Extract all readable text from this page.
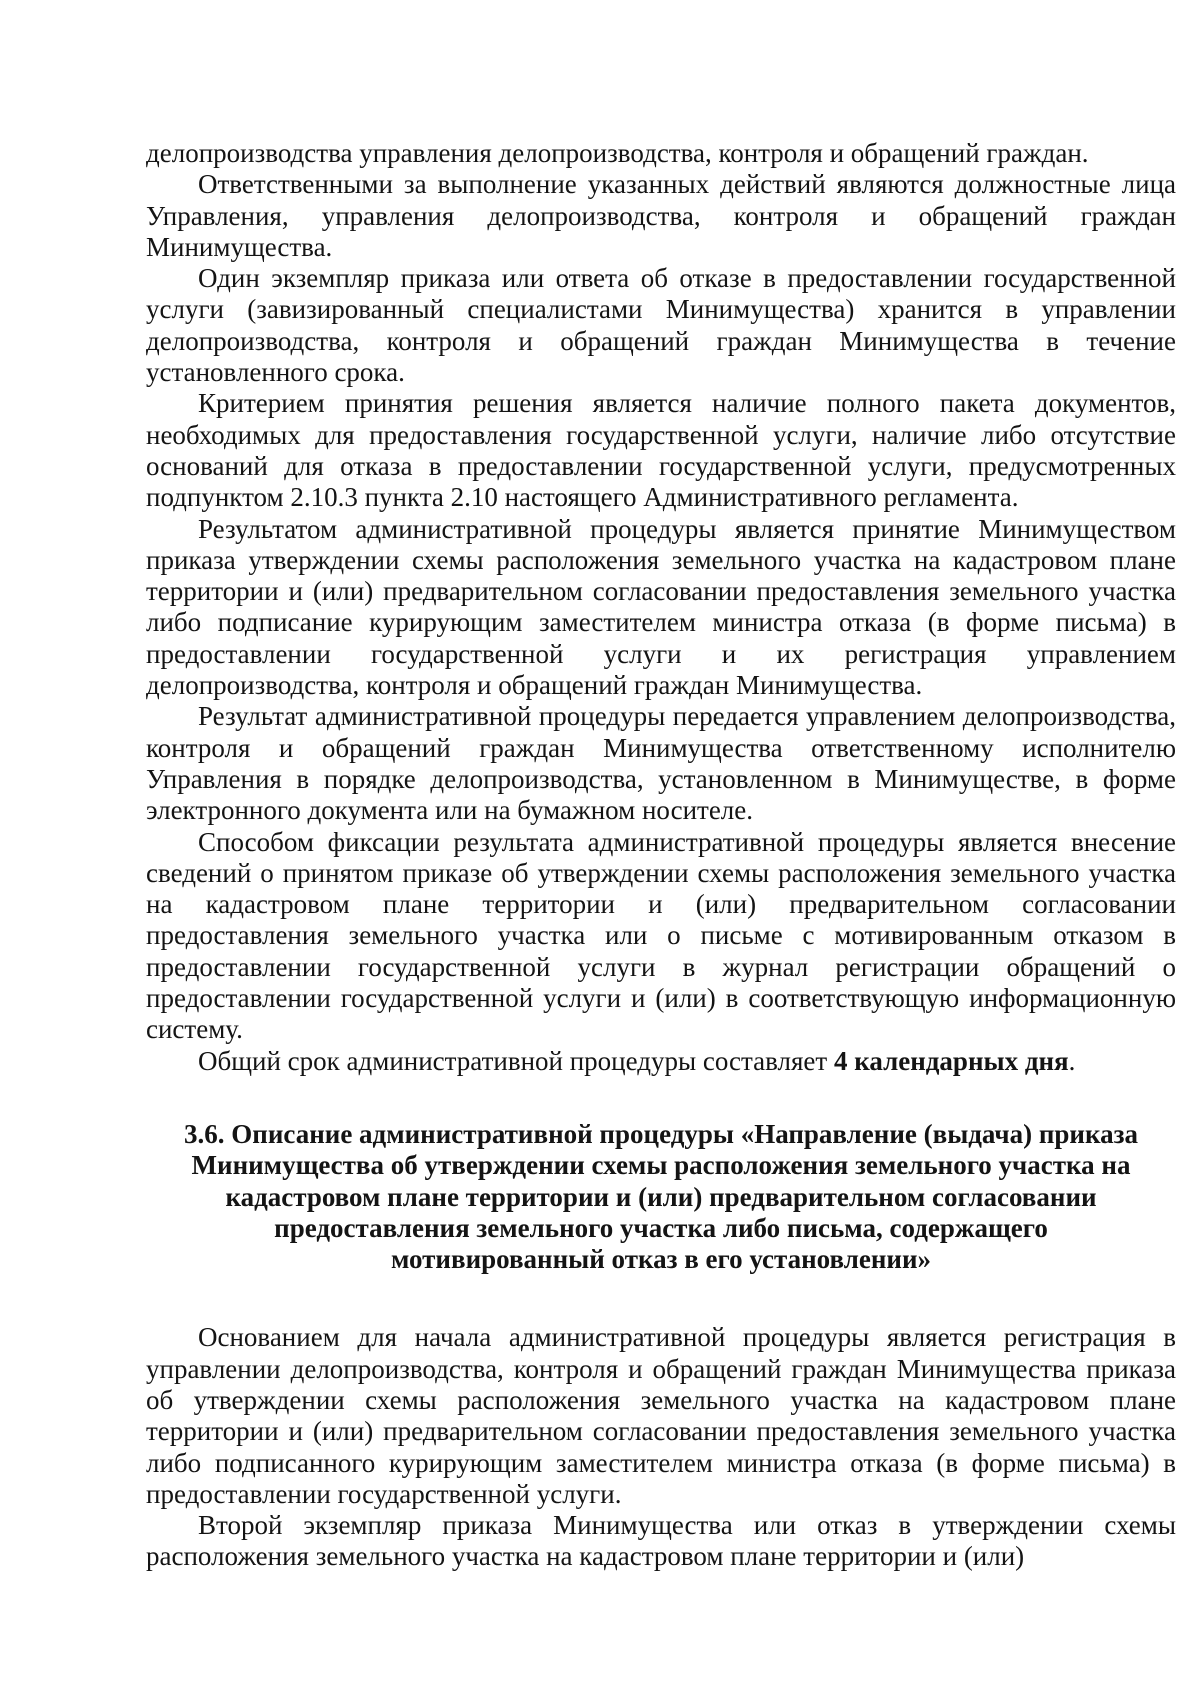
делопроизводства управления делопроизводства, контроля и обращений граждан.

Ответственными за выполнение указанных действий являются должностные лица Управления, управления делопроизводства, контроля и обращений граждан Минимущества.

Один экземпляр приказа или ответа об отказе в предоставлении государственной услуги (завизированный специалистами Минимущества) хранится в управлении делопроизводства, контроля и обращений граждан Минимущества в течение установленного срока.

Критерием принятия решения является наличие полного пакета документов, необходимых для предоставления государственной услуги, наличие либо отсутствие оснований для отказа в предоставлении государственной услуги, предусмотренных подпунктом 2.10.3 пункта 2.10 настоящего Административного регламента.

Результатом административной процедуры является принятие Минимуществом приказа утверждении схемы расположения земельного участка на кадастровом плане территории и (или) предварительном согласовании предоставления земельного участка либо подписание курирующим заместителем министра отказа (в форме письма) в предоставлении государственной услуги и их регистрация управлением делопроизводства, контроля и обращений граждан Минимущества.

Результат административной процедуры передается управлением делопроизводства, контроля и обращений граждан Минимущества ответственному исполнителю Управления в порядке делопроизводства, установленном в Минимуществе, в форме электронного документа или на бумажном носителе.

Способом фиксации результата административной процедуры является внесение сведений о принятом приказе об утверждении схемы расположения земельного участка на кадастровом плане территории и (или) предварительном согласовании предоставления земельного участка или о письме с мотивированным отказом в предоставлении государственной услуги в журнал регистрации обращений о предоставлении государственной услуги и (или) в соответствующую информационную систему.

Общий срок административной процедуры составляет 4 календарных дня.

3.6. Описание административной процедуры «Направление (выдача) приказа Минимущества об утверждении схемы расположения земельного участка на кадастровом плане территории и (или) предварительном согласовании предоставления земельного участка либо письма, содержащего мотивированный отказ в его установлении»

Основанием для начала административной процедуры является регистрация в управлении делопроизводства, контроля и обращений граждан Минимущества приказа об утверждении схемы расположения земельного участка на кадастровом плане территории и (или) предварительном согласовании предоставления земельного участка либо подписанного курирующим заместителем министра отказа (в форме письма) в предоставлении государственной услуги.

Второй экземпляр приказа Минимущества или отказ в утверждении схемы расположения земельного участка на кадастровом плане территории и (или)
